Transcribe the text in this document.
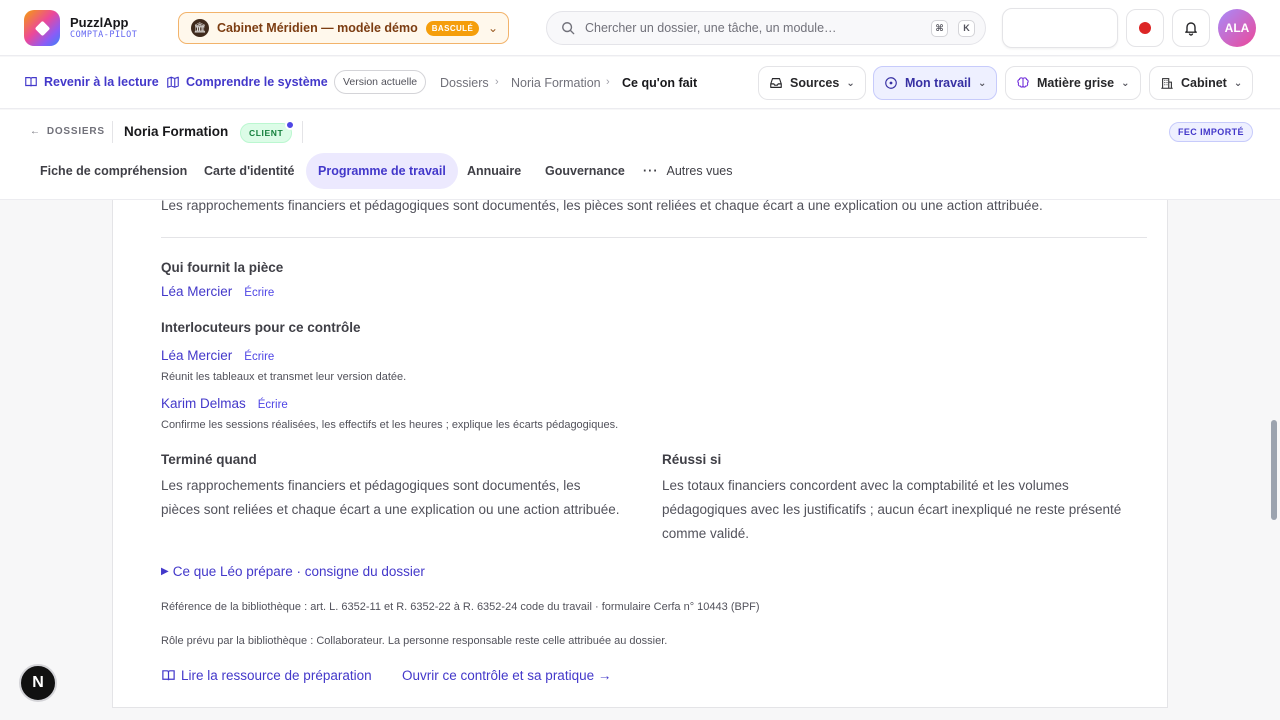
PuzzlApp
COMPTA-PILOT
🏛 Cabinet Méridien — modèle démo	BASCULÉ	⌄	Chercher un dossier, une tâche, un module…	⌘	K	ALA
Revenir à la lecture Comprendre le système	Version actuelle	Dossiers › Noria Formation › Ce qu'on fait	Sources ⌄	Mon travail ⌄	Matière grise ⌄	Cabinet ⌄
← DOSSIERS Noria Formation	CLIENT	FEC IMPORTÉ
Fiche de compréhension	Carte d'identité	Programme de travail	Annuaire	Gouvernance	··· Autres vues
Les rapprochements financiers et pédagogiques sont documentés, les pièces sont reliées et chaque écart a une explication ou une action attribuée.
Qui fournit la pièce
Léa Mercier Écrire
Interlocuteurs pour ce contrôle
Léa Mercier Écrire
Réunit les tableaux et transmet leur version datée.
Karim Delmas Écrire
Confirme les sessions réalisées, les effectifs et les heures ; explique les écarts pédagogiques.
Terminé quand
Les rapprochements financiers et pédagogiques sont documentés, les pièces sont reliées et chaque écart a une explication ou une action attribuée.
Réussi si
Les totaux financiers concordent avec la comptabilité et les volumes pédagogiques avec les justificatifs ; aucun écart inexpliqué ne reste présenté comme validé.
▶ Ce que Léo prépare · consigne du dossier
Référence de la bibliothèque : art. L. 6352-11 et R. 6352-22 à R. 6352-24 code du travail · formulaire Cerfa n° 10443 (BPF)
Rôle prévu par la bibliothèque : Collaborateur. La personne responsable reste celle attribuée au dossier.
Lire la ressource de préparation Ouvrir ce contrôle et sa pratique →
N
